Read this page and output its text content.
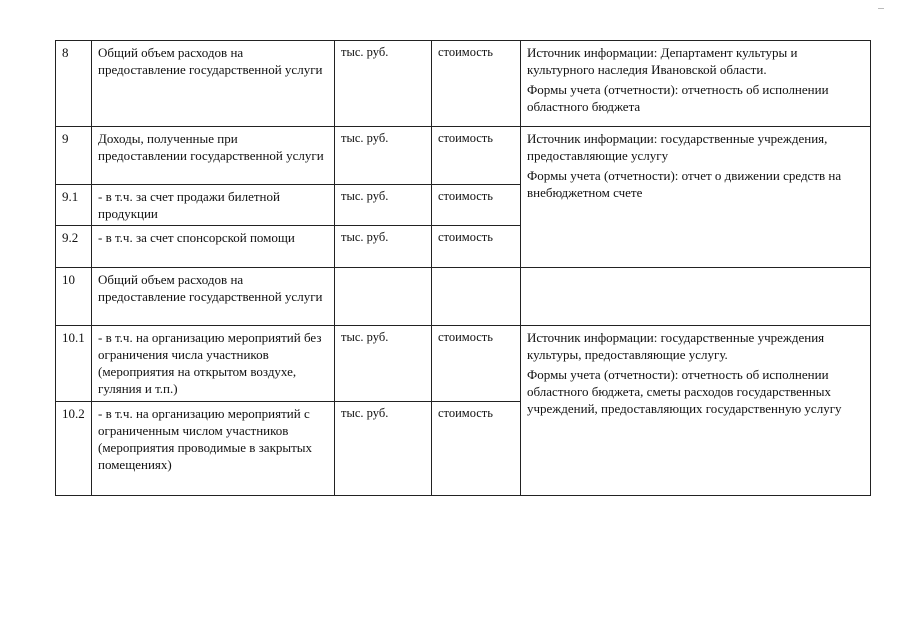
8	Общий объем расходов на предоставление государственной услуги	тыс. руб.	стоимость	Источник информации: Департамент культуры и культурного наследия Ивановской области.

Формы учета (отчетности): отчетность об исполнении областного бюджета

9	Доходы, полученные при предоставлении государственной услуги	тыс. руб.	стоимость	Источник информации: государственные учреждения, предоставляющие услугу

Формы учета (отчетности): отчет о движении средств на внебюджетном счете

9.1	- в т.ч. за счет продажи билетной продукции	тыс. руб.	стоимость	
9.2	- в т.ч. за счет спонсорской помощи	тыс. руб.	стоимость	
10	Общий объем расходов на предоставление государственной услуги			
10.1	- в т.ч. на организацию мероприятий без ограничения числа участников (мероприятия на открытом воздухе, гуляния и т.п.)	тыс. руб.	стоимость	Источник информации: государственные учреждения культуры, предоставляющие услугу.

Формы учета (отчетности): отчетность об исполнении областного бюджета, сметы расходов государственных учреждений, предоставляющих государственную услугу

10.2	- в т.ч. на организацию мероприятий с ограниченным числом участников (мероприятия проводимые в закрытых помещениях)	тыс. руб.	стоимость	
